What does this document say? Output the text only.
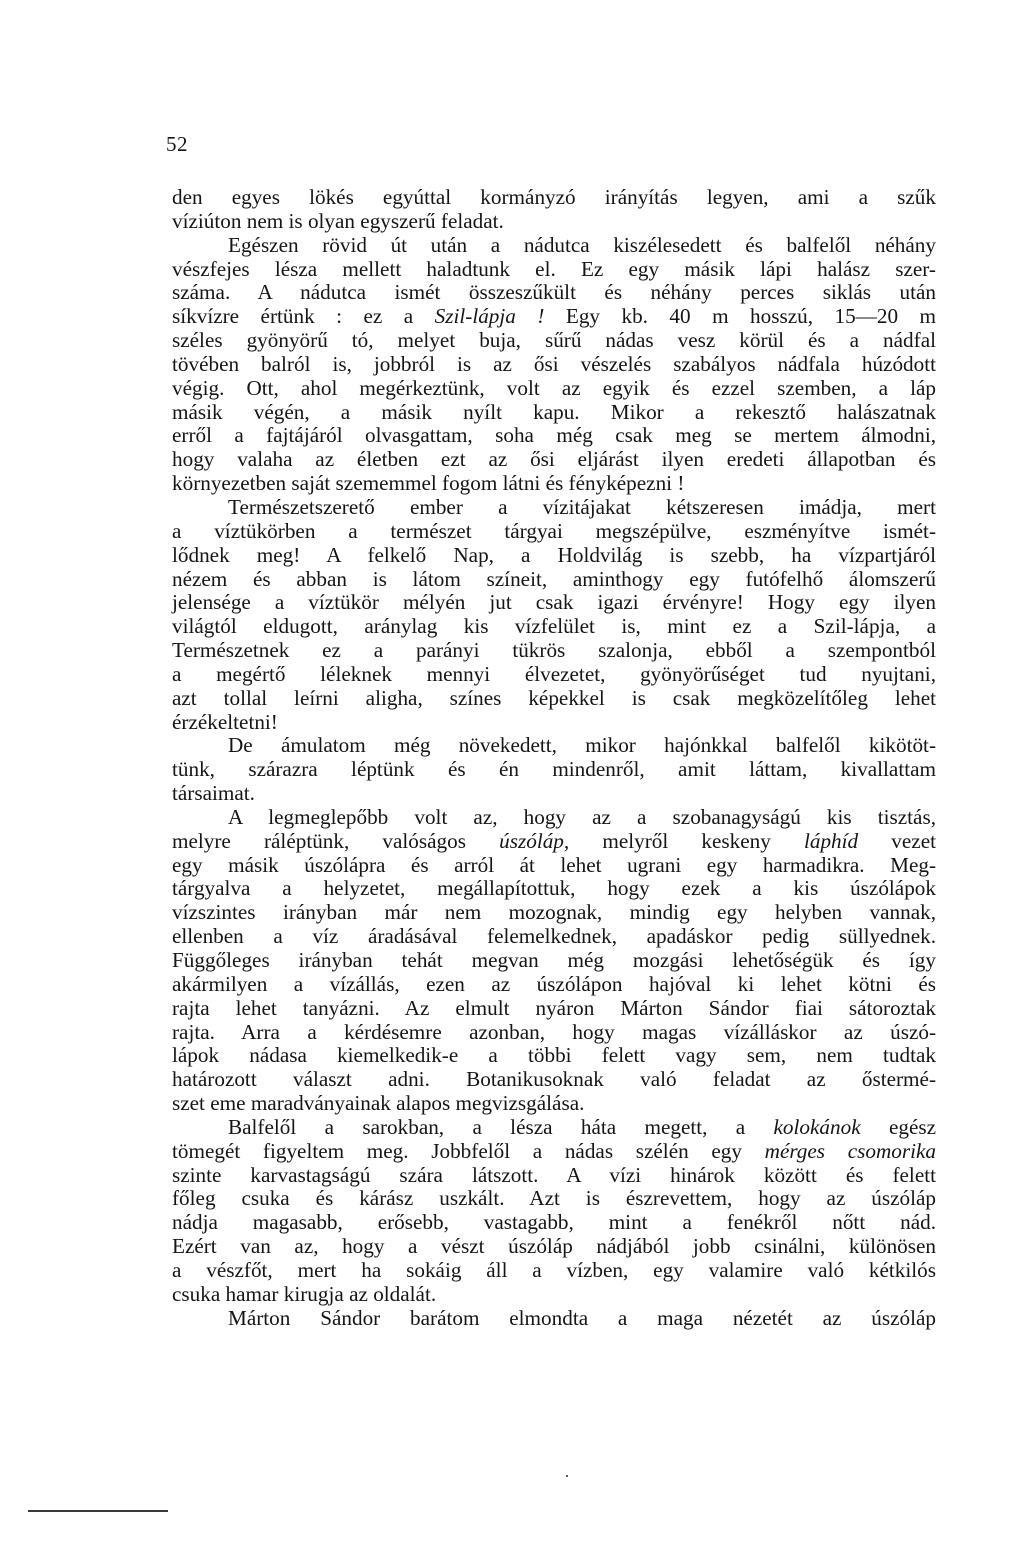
52
den egyes lökés egyúttal kormányzó irányítás legyen, ami a szűk
víziúton nem is olyan egyszerű feladat.
Egészen rövid út után a nádutca kiszélesedett és balfelől néhány
vészfejes lésza mellett haladtunk el. Ez egy másik lápi halász szer-
száma. A nádutca ismét összeszűkült és néhány perces siklás után
síkvízre értünk : ez a Szil-lápja ! Egy kb. 40 m hosszú, 15—20 m
széles gyönyörű tó, melyet buja, sűrű nádas vesz körül és a nádfal
tövében balról is, jobbról is az ősi vészelés szabályos nádfala húzódott
végig. Ott, ahol megérkeztünk, volt az egyik és ezzel szemben, a láp
másik végén, a másik nyílt kapu. Mikor a rekesztő halászatnak
erről a fajtájáról olvasgattam, soha még csak meg se mertem álmodni,
hogy valaha az életben ezt az ősi eljárást ilyen eredeti állapotban és
környezetben saját szememmel fogom látni és fényképezni !
Természetszerető ember a vízitájakat kétszeresen imádja, mert
a víztükörben a természet tárgyai megszépülve, eszményítve ismét-
lődnek meg! A felkelő Nap, a Holdvilág is szebb, ha vízpartjáról
nézem és abban is látom színeit, aminthogy egy futófelhő álomszerű
jelensége a víztükör mélyén jut csak igazi érvényre! Hogy egy ilyen
világtól eldugott, aránylag kis vízfelület is, mint ez a Szil-lápja, a
Természetnek ez a parányi tükrös szalonja, ebből a szempontból
a megértő léleknek mennyi élvezetet, gyönyörűséget tud nyujtani,
azt tollal leírni aligha, színes képekkel is csak megközelítőleg lehet
érzékeltetni!
De ámulatom még növekedett, mikor hajónkkal balfelől kikötöt-
tünk, szárazra léptünk és én mindenről, amit láttam, kivallattam
társaimat.
A legmeglepőbb volt az, hogy az a szobanagyságú kis tisztás,
melyre ráléptünk, valóságos úszóláp, melyről keskeny láphíd vezet
egy másik úszólápra és arról át lehet ugrani egy harmadikra. Meg-
tárgyalva a helyzetet, megállapítottuk, hogy ezek a kis úszólápok
vízszintes irányban már nem mozognak, mindig egy helyben vannak,
ellenben a víz áradásával felemelkednek, apadáskor pedig süllyednek.
Függőleges irányban tehát megvan még mozgási lehetőségük és így
akármilyen a vízállás, ezen az úszólápon hajóval ki lehet kötni és
rajta lehet tanyázni. Az elmult nyáron Márton Sándor fiai sátoroztak
rajta. Arra a kérdésemre azonban, hogy magas vízálláskor az úszó-
lápok nádasa kiemelkedik-e a többi felett vagy sem, nem tudtak
határozott választ adni. Botanikusoknak való feladat az őstermé-
szet eme maradványainak alapos megvizsgálása.
Balfelől a sarokban, a lésza háta megett, a kolokánok egész
tömegét figyeltem meg. Jobbfelől a nádas szélén egy mérges csomorika
szinte karvastagságú szára látszott. A vízi hinárok között és felett
főleg csuka és kárász uszkált. Azt is észrevettem, hogy az úszóláp
nádja magasabb, erősebb, vastagabb, mint a fenékről nőtt nád.
Ezért van az, hogy a vészt úszóláp nádjából jobb csinálni, különösen
a vészfőt, mert ha sokáig áll a vízben, egy valamire való kétkilós
csuka hamar kirugja az oldalát.
Márton Sándor barátom elmondta a maga nézetét az úszóláp
